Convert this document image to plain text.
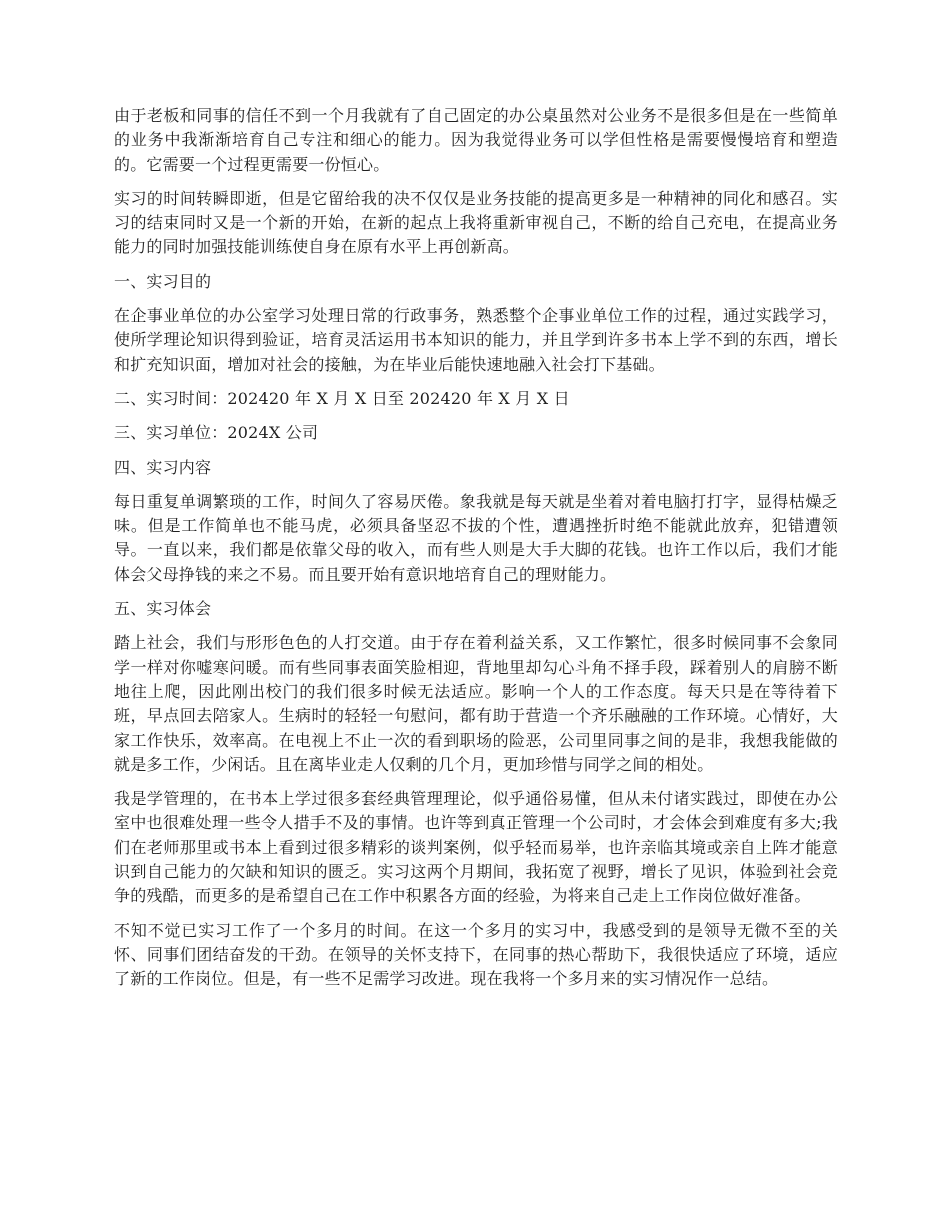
由于老板和同事的信任不到一个月我就有了自己固定的办公桌虽然对公业务不是很多但是在一些简单的业务中我渐渐培育自己专注和细心的能力。因为我觉得业务可以学但性格是需要慢慢培育和塑造的。它需要一个过程更需要一份恒心。

实习的时间转瞬即逝，但是它留给我的决不仅仅是业务技能的提高更多是一种精神的同化和感召。实习的结束同时又是一个新的开始，在新的起点上我将重新审视自己，不断的给自己充电，在提高业务能力的同时加强技能训练使自身在原有水平上再创新高。

一、实习目的

在企事业单位的办公室学习处理日常的行政事务，熟悉整个企事业单位工作的过程，通过实践学习，使所学理论知识得到验证，培育灵活运用书本知识的能力，并且学到许多书本上学不到的东西，增长和扩充知识面，增加对社会的接触，为在毕业后能快速地融入社会打下基础。

二、实习时间：202420 年 X 月 X 日至 202420 年 X 月 X 日

三、实习单位：2024X 公司

四、实习内容

每日重复单调繁琐的工作，时间久了容易厌倦。象我就是每天就是坐着对着电脑打打字，显得枯燥乏味。但是工作简单也不能马虎，必须具备坚忍不拔的个性，遭遇挫折时绝不能就此放弃，犯错遭领导。一直以来，我们都是依靠父母的收入，而有些人则是大手大脚的花钱。也许工作以后，我们才能体会父母挣钱的来之不易。而且要开始有意识地培育自己的理财能力。

五、实习体会

踏上社会，我们与形形色色的人打交道。由于存在着利益关系，又工作繁忙，很多时候同事不会象同学一样对你嘘寒问暖。而有些同事表面笑脸相迎，背地里却勾心斗角不择手段，踩着别人的肩膀不断地往上爬，因此刚出校门的我们很多时候无法适应。影响一个人的工作态度。每天只是在等待着下班，早点回去陪家人。生病时的轻轻一句慰问，都有助于营造一个齐乐融融的工作环境。心情好，大家工作快乐，效率高。在电视上不止一次的看到职场的险恶，公司里同事之间的是非，我想我能做的就是多工作，少闲话。且在离毕业走人仅剩的几个月，更加珍惜与同学之间的相处。

我是学管理的，在书本上学过很多套经典管理理论，似乎通俗易懂，但从未付诸实践过，即使在办公室中也很难处理一些令人措手不及的事情。也许等到真正管理一个公司时，才会体会到难度有多大;我们在老师那里或书本上看到过很多精彩的谈判案例，似乎轻而易举，也许亲临其境或亲自上阵才能意识到自己能力的欠缺和知识的匮乏。实习这两个月期间，我拓宽了视野，增长了见识，体验到社会竞争的残酷，而更多的是希望自己在工作中积累各方面的经验，为将来自己走上工作岗位做好准备。

不知不觉已实习工作了一个多月的时间。在这一个多月的实习中，我感受到的是领导无微不至的关怀、同事们团结奋发的干劲。在领导的关怀支持下，在同事的热心帮助下，我很快适应了环境，适应了新的工作岗位。但是，有一些不足需学习改进。现在我将一个多月来的实习情况作一总结。
